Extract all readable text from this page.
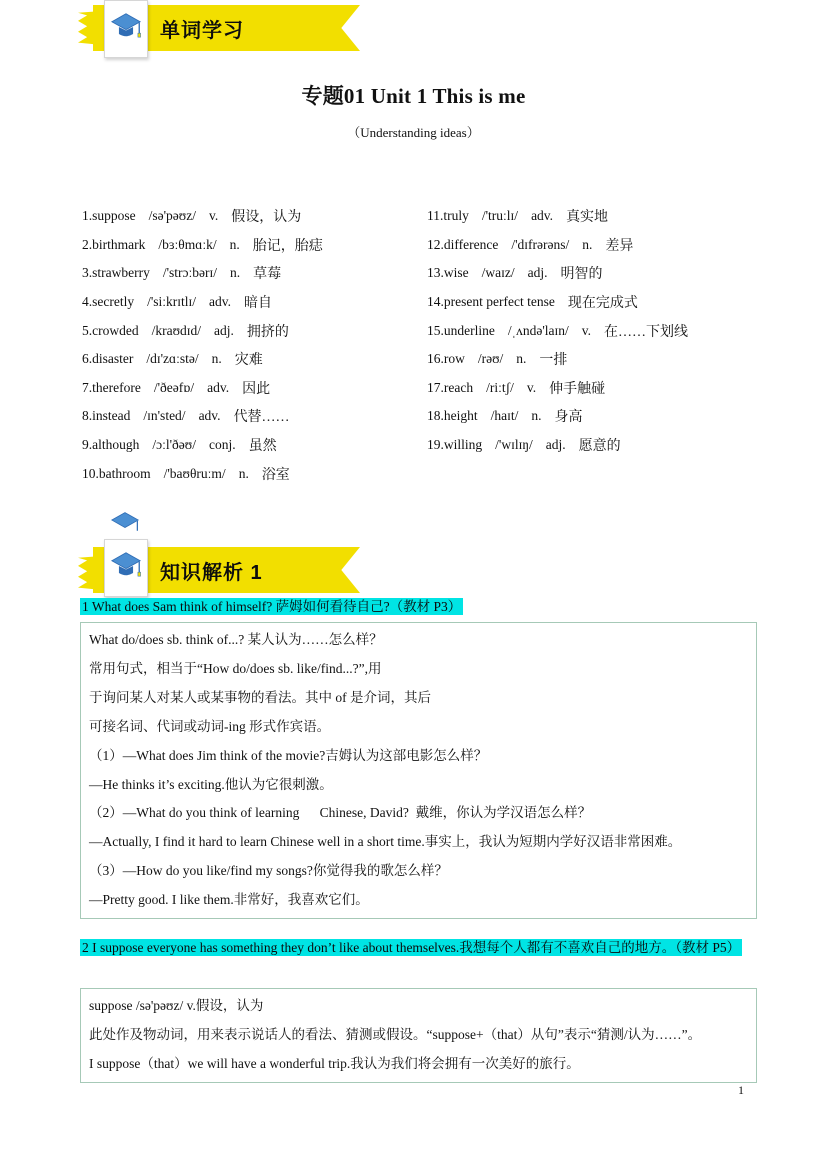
专题01 Unit 1 This is me
（Understanding ideas）
单词学习
1.suppose /sə'pəʊz/ v. 假设，认为
2.birthmark /bɜːθmɑːk/ n. 胎记，胎痣
3.strawberry /'strɔːbərɪ/ n. 草莓
4.secretly /'siːkrɪtlɪ/ adv. 暗自
5.crowded /kraʊdɪd/ adj. 拥挤的
6.disaster /dɪ'zɑːstə/ n. 灾难
7.therefore /'ðeəfɒ/ adv. 因此
8.instead /ɪn'sted/ adv. 代替……
9.although /ɔːl'ðəʊ/ conj. 虽然
10.bathroom /'baʊθruːm/ n. 浴室
11.truly /'truːlɪ/ adv. 真实地
12.difference /'dɪfrərəns/ n. 差异
13.wise /waɪz/ adj. 明智的
14.present perfect tense 现在完成式
15.underline /ˌʌndə'laɪn/ v. 在……下划线
16.row /rəʊ/ n. 一排
17.reach /riːtʃ/ v. 伸手触碰
18.height /haɪt/ n. 身高
19.willing /'wɪlɪŋ/ adj. 愿意的
知识解析 1
1 What does Sam think of himself? 萨姆如何看待自己?（教材 P3）
What do/does sb. think of...? 某人认为……怎么样？
常用句式，相当于“How do/does sb. like/find...?”,用
于询问某人对某人或某事物的看法。其中 of 是介词，其后
可接名词、代词或动词-ing 形式作宾语。
（1）—What does Jim think of the movie?吉姆认为这部电影怎么样？
—He thinks it’s exciting.他认为它很刺激。
（2）—What do you think of learning      Chinese, David?  戴维，你认为学汉语怎么样？
—Actually, I find it hard to learn Chinese well in a short time.事实上，我认为短期内学好汉语非常困难。
（3）—How do you like/find my songs?你觉得我的歌怎么样？
—Pretty good. I like them.非常好，我喜欢它们。
2 I suppose everyone has something they don’t like about themselves.我想每个人都有不喜欢自己的地方。（教材 P5）
suppose /sə'pəʊz/ v.假设，认为
此处作及物动词，用来表示说话人的看法、猜测或假设。“suppose+（that）从句”表示“猜测/认为……”。
I suppose（that）we will have a wonderful trip.我认为我们将会拥有一次美好的旅行。
1
